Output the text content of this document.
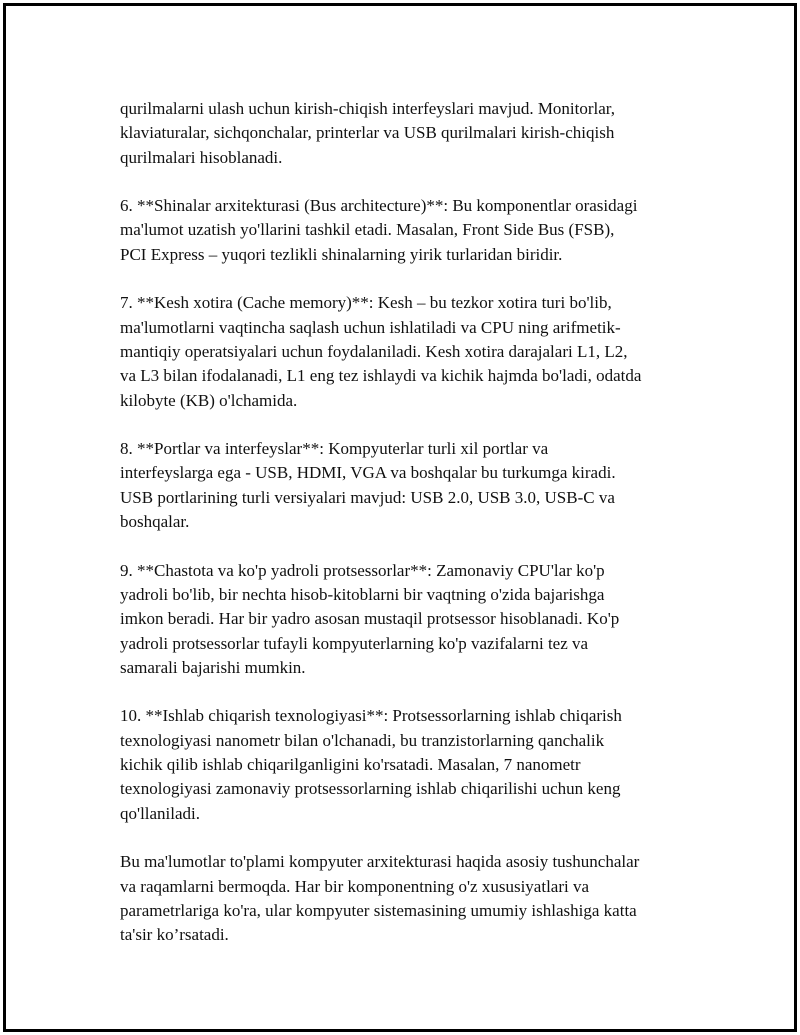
qurilmalarni ulash uchun kirish-chiqish interfeyslari mavjud. Monitorlar,
klaviaturalar, sichqonchalar, printerlar va USB qurilmalari kirish-chiqish
qurilmalari hisoblanadi.

6. **Shinalar arxitekturasi (Bus architecture)**: Bu komponentlar orasidagi
ma'lumot uzatish yo'llarini tashkil etadi. Masalan, Front Side Bus (FSB),
PCI Express – yuqori tezlikli shinalarning yirik turlaridan biridir.

7. **Kesh xotira (Cache memory)**: Kesh – bu tezkor xotira turi bo'lib,
ma'lumotlarni vaqtincha saqlash uchun ishlatiladi va CPU ning arifmetik-
mantiqiy operatsiyalari uchun foydalaniladi. Kesh xotira darajalari L1, L2,
va L3 bilan ifodalanadi, L1 eng tez ishlaydi va kichik hajmda bo'ladi, odatda
kilobyte (KB) o'lchamida.

8. **Portlar va interfeyslar**: Kompyuterlar turli xil portlar va
interfeyslarga ega - USB, HDMI, VGA va boshqalar bu turkumga kiradi.
USB portlarining turli versiyalari mavjud: USB 2.0, USB 3.0, USB-C va
boshqalar.

9. **Chastota va ko'p yadroli protsessorlar**: Zamonaviy CPU'lar ko'p
yadroli bo'lib, bir nechta hisob-kitoblarni bir vaqtning o'zida bajarishga
imkon beradi. Har bir yadro asosan mustaqil protsessor hisoblanadi. Ko'p
yadroli protsessorlar tufayli kompyuterlarning ko'p vazifalarni tez va
samarali bajarishi mumkin.

10. **Ishlab chiqarish texnologiyasi**: Protsessorlarning ishlab chiqarish
texnologiyasi nanometr bilan o'lchanadi, bu tranzistorlarning qanchalik
kichik qilib ishlab chiqarilganligini ko'rsatadi. Masalan, 7 nanometr
texnologiyasi zamonaviy protsessorlarning ishlab chiqarilishi uchun keng
qo'llaniladi.

Bu ma'lumotlar to'plami kompyuter arxitekturasi haqida asosiy tushunchalar
va raqamlarni bermoqda. Har bir komponentning o'z xususiyatlari va
parametrlariga ko'ra, ular kompyuter sistemasining umumiy ishlashiga katta
ta'sir ko’rsatadi.
